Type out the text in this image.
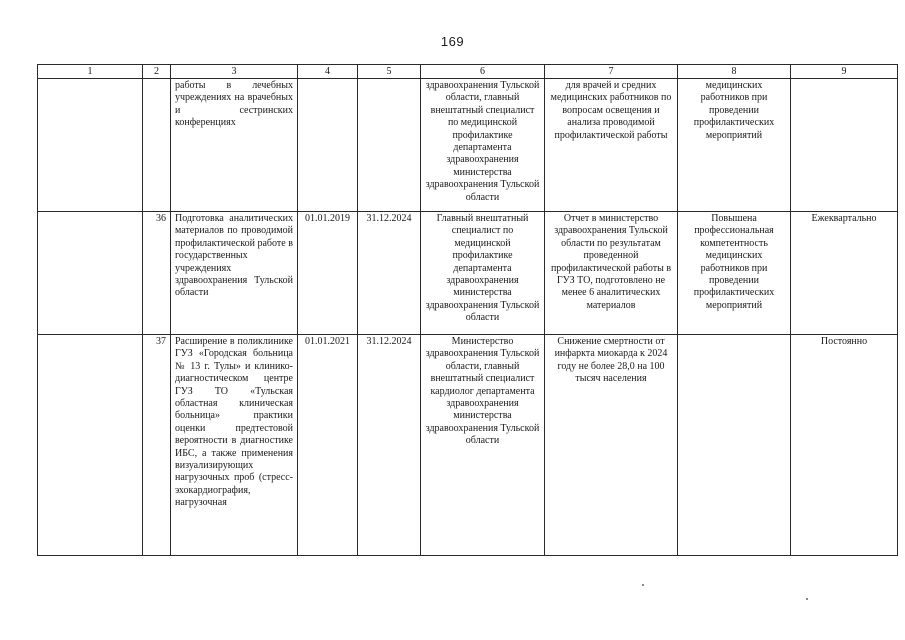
169
1	2	3	4	5	6	7	8	9
		работы в лечебных учреждениях на врачебных и сестринских конференциях			здравоохранения Тульской области, главный внештатный специалист по медицинской профилактике департамента здравоохранения министерства здравоохранения Тульской области	для врачей и средних медицинских работников по вопросам освещения и анализа проводимой профилактической работы	медицинских работников при проведении профилактических мероприятий	
	36	Подготовка аналитических материалов по проводимой профилактической работе в государственных учреждениях здравоохранения Тульской области	01.01.2019	31.12.2024	Главный внештатный специалист по медицинской профилактике департамента здравоохранения министерства здравоохранения Тульской области	Отчет в министерство здравоохранения Тульской области по результатам проведенной профилактической работы в ГУЗ ТО, подготовлено не менее 6 аналитических материалов	Повышена профессиональная компетентность медицинских работников при проведении профилактических мероприятий	Ежеквартально
	37	Расширение в поликлинике ГУЗ «Городская больница № 13 г. Тулы» и клинико-диагностическом центре ГУЗ ТО «Тульская областная клиническая больница» практики оценки предтестовой вероятности в диагностике ИБС, а также применения визуализирующих нагрузочных проб (стресс-эхокардиография, нагрузочная	01.01.2021	31.12.2024	Министерство здравоохранения Тульской области, главный внештатный специалист кардиолог департамента здравоохранения министерства здравоохранения Тульской области	Снижение смертности от инфаркта миокарда к 2024 году не более 28,0 на 100 тысяч населения		Постоянно
